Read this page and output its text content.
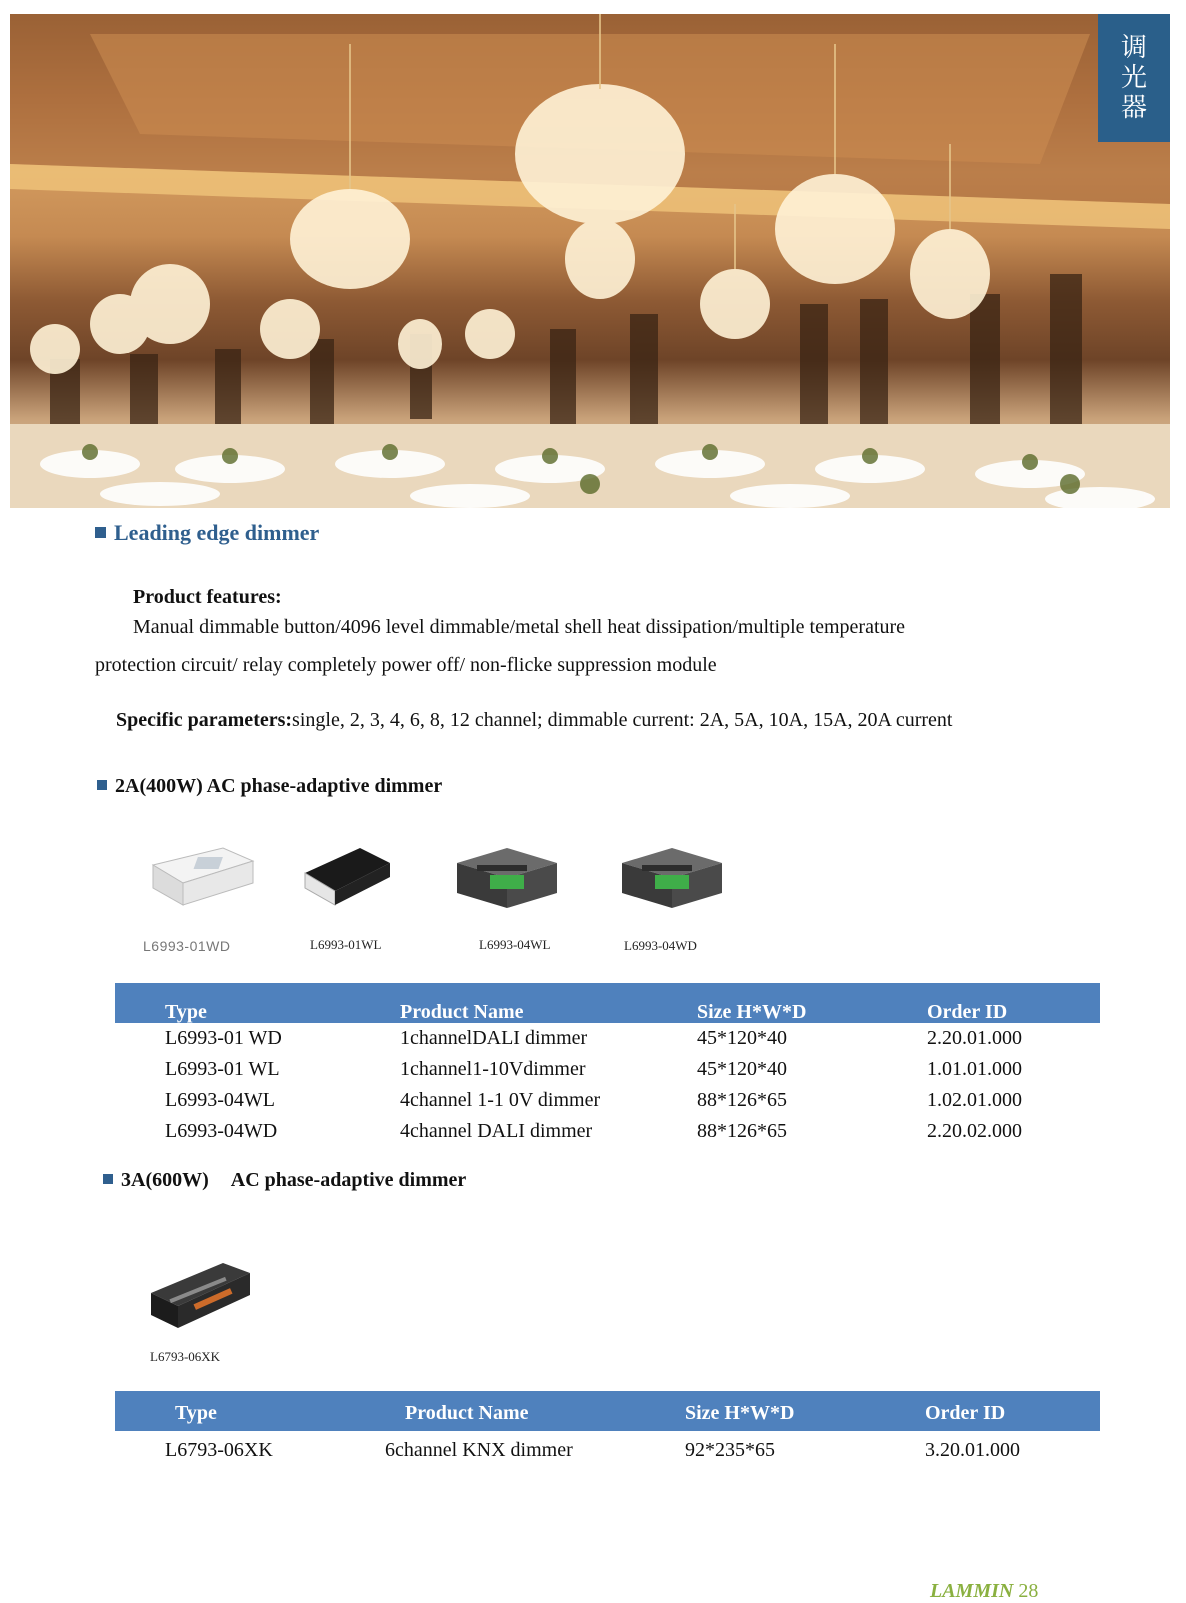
调
光
器
Leading edge dimmer
Product features:
Manual dimmable button/4096 level dimmable/metal shell heat dissipation/multiple temperature
protection circuit/ relay completely power off/ non-flicke suppression module
Specific parameters:single, 2, 3, 4, 6, 8, 12 channel; dimmable current: 2A, 5A, 10A, 15A, 20A current
2A(400W) AC phase-adaptive dimmer
L6993-01WD	L6993-01WL	L6993-04WL	L6993-04WD
Type	Product Name	Size H*W*D	Order ID
L6993-01 WD	1channelDALI dimmer	45*120*40	2.20.01.000
L6993-01 WL	1channel1-10Vdimmer	45*120*40	1.01.01.000
L6993-04WL	4channel 1-1 0V dimmer	88*126*65	1.02.01.000
L6993-04WD	4channel DALI dimmer	88*126*65	2.20.02.000
3A(600W) AC phase-adaptive dimmer
L6793-06XK
Type	Product Name	Size H*W*D	Order ID
L6793-06XK	6channel KNX dimmer	92*235*65	3.20.01.000
LAMMIN 28
